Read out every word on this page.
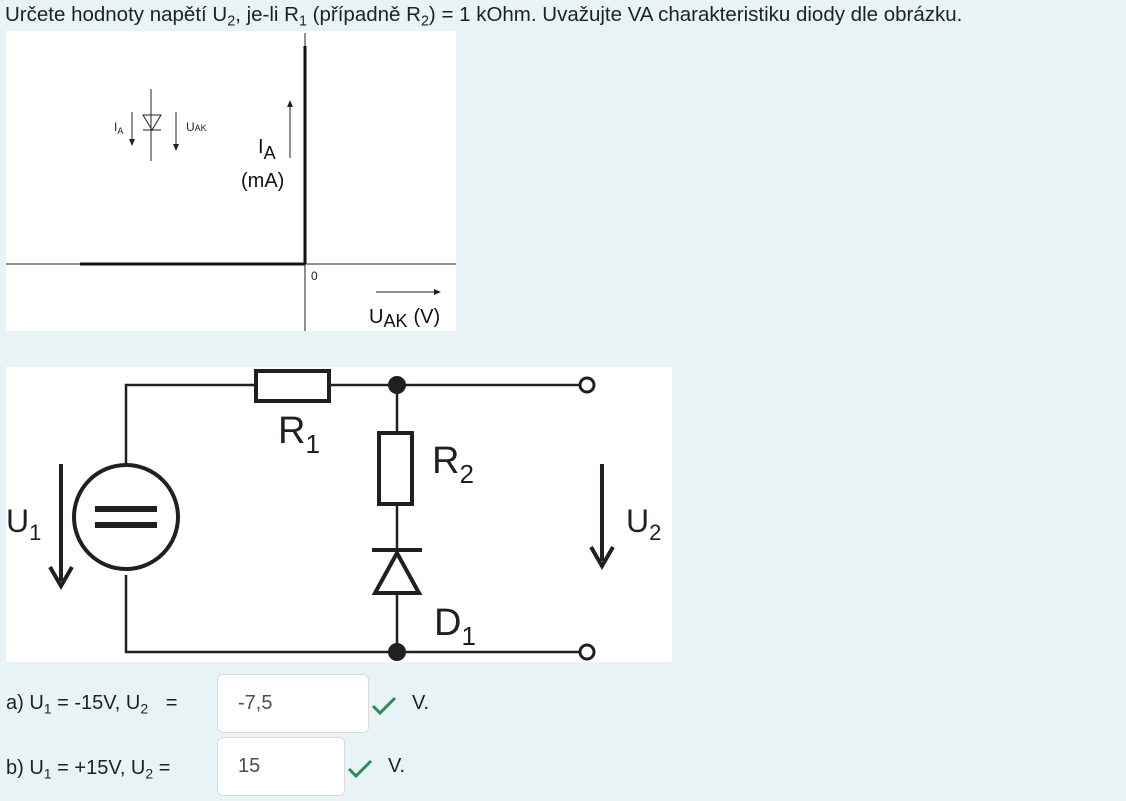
Určete hodnoty napětí $U_2$, je-li $R_1$ (případně $R_2) = 1$ kOhm. Uvažujte VA charakteristiku diody dle obrázku.
$I_A$	UAK
IA
(mA)
0
UAK (V)
$R_1$	$R_2$
$D_1$
$U_1$	$U_2$
a) $U_1 = -15V$, $U_2$ =
-7,5	V.
b) $U_1 = +15V$, $U_2$ =
15	V.
